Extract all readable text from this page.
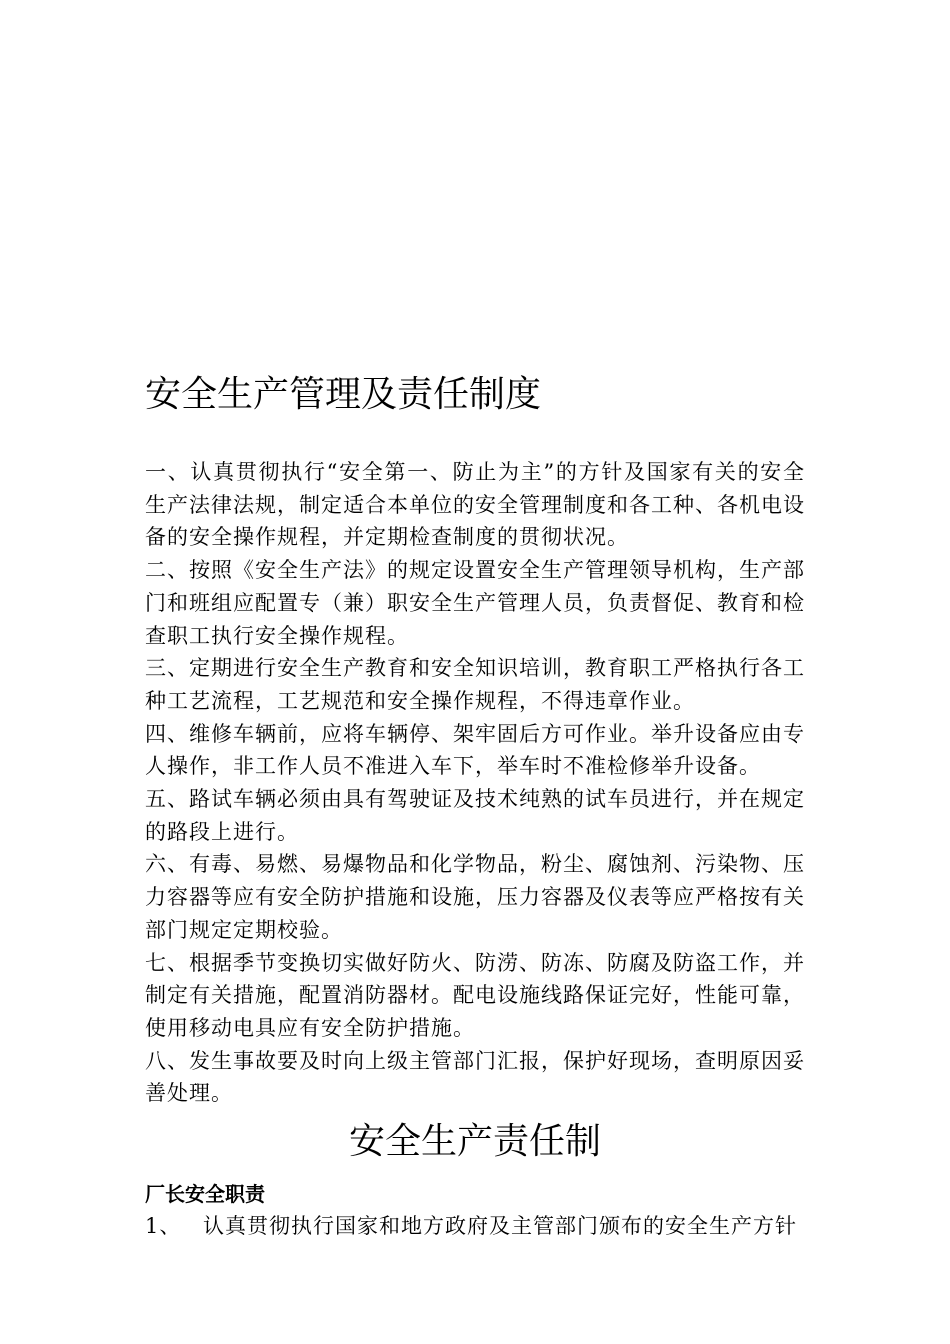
安全生产管理及责任制度

一、认真贯彻执行“安全第一、防止为主”的方针及国家有关的安全生产法律法规，制定适合本单位的安全管理制度和各工种、各机电设备的安全操作规程，并定期检查制度的贯彻状况。

二、按照《安全生产法》的规定设置安全生产管理领导机构，生产部门和班组应配置专（兼）职安全生产管理人员，负责督促、教育和检查职工执行安全操作规程。

三、定期进行安全生产教育和安全知识培训，教育职工严格执行各工种工艺流程，工艺规范和安全操作规程，不得违章作业。

四、维修车辆前，应将车辆停、架牢固后方可作业。举升设备应由专人操作，非工作人员不准进入车下，举车时不准检修举升设备。

五、路试车辆必须由具有驾驶证及技术纯熟的试车员进行，并在规定的路段上进行。

六、有毒、易燃、易爆物品和化学物品，粉尘、腐蚀剂、污染物、压力容器等应有安全防护措施和设施，压力容器及仪表等应严格按有关部门规定定期校验。

七、根据季节变换切实做好防火、防涝、防冻、防腐及防盗工作，并制定有关措施，配置消防器材。配电设施线路保证完好，性能可靠，使用移动电具应有安全防护措施。

八、发生事故要及时向上级主管部门汇报，保护好现场，查明原因妥善处理。

安全生产责任制
厂长安全职责

1、 认真贯彻执行国家和地方政府及主管部门颁布的安全生产方针
